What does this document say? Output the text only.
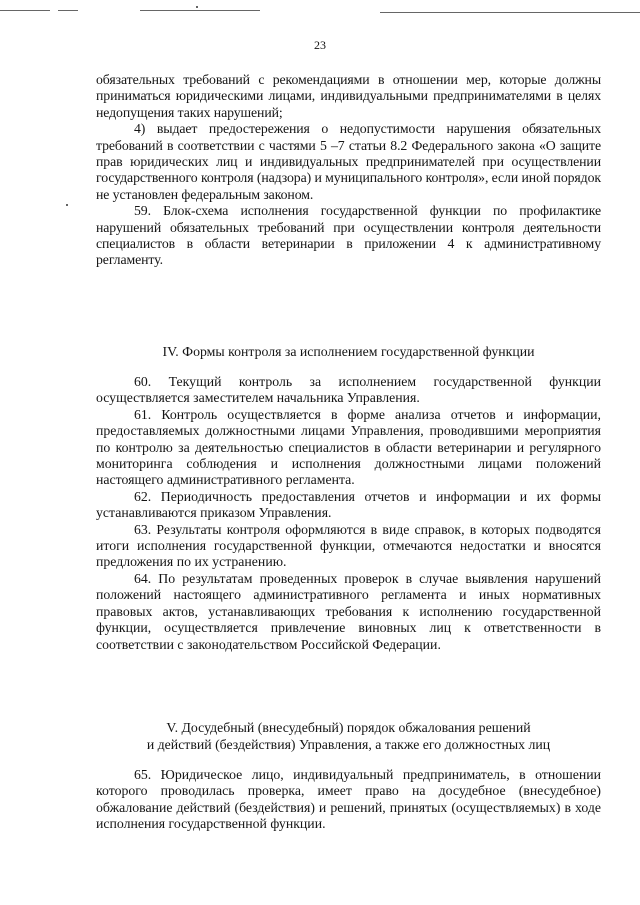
23

обязательных требований с рекомендациями в отношении мер, которые должны приниматься юридическими лицами, индивидуальными предпринимателями в целях недопущения таких нарушений;

4) выдает предостережения о недопустимости нарушения обязательных требований в соответствии с частями 5 –7 статьи 8.2 Федерального закона «О защите прав юридических лиц и индивидуальных предпринимателей при осуществлении государственного контроля (надзора) и муниципального контроля», если иной порядок не установлен федеральным законом.

59. Блок-схема исполнения государственной функции по профилактике нарушений обязательных требований при осуществлении контроля деятельности специалистов в области ветеринарии в приложении 4 к административному регламенту.

IV. Формы контроля за исполнением государственной функции

60. Текущий контроль за исполнением государственной функции осуществляется заместителем начальника Управления.

61. Контроль осуществляется в форме анализа отчетов и информации, предоставляемых должностными лицами Управления, проводившими мероприятия по контролю за деятельностью специалистов в области ветеринарии и регулярного мониторинга соблюдения и исполнения должностными лицами положений настоящего административного регламента.

62. Периодичность предоставления отчетов и информации и их формы устанавливаются приказом Управления.

63. Результаты контроля оформляются в виде справок, в которых подводятся итоги исполнения государственной функции, отмечаются недостатки и вносятся предложения по их устранению.

64. По результатам проведенных проверок в случае выявления нарушений положений настоящего административного регламента и иных нормативных правовых актов, устанавливающих требования к исполнению государственной функции, осуществляется привлечение виновных лиц к ответственности в соответствии с законодательством Российской Федерации.

V. Досудебный (внесудебный) порядок обжалования решений
и действий (бездействия) Управления, а также его должностных лиц

65. Юридическое лицо, индивидуальный предприниматель, в отношении которого проводилась проверка, имеет право на досудебное (внесудебное) обжалование действий (бездействия) и решений, принятых (осуществляемых) в ходе исполнения государственной функции.
